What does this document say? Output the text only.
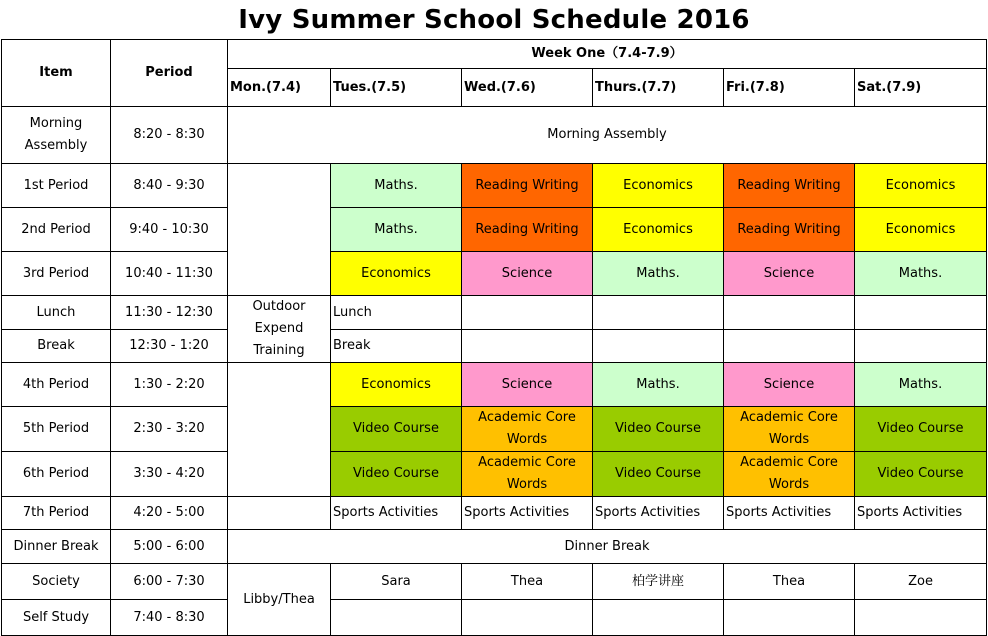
Ivy Summer School Schedule 2016
Item	Period	Week One（7.4-7.9）					
		Mon.(7.4)	Tues.(7.5)	Wed.(7.6)	Thurs.(7.7)	Fri.(7.8)	Sat.(7.9)
Morning Assembly	8:20 - 8:30	Morning Assembly					
1st Period	8:40 - 9:30		Maths.	Reading Writing	Economics	Reading Writing	Economics
2nd Period	9:40 - 10:30		Maths.	Reading Writing	Economics	Reading Writing	Economics
3rd Period	10:40 - 11:30		Economics	Science	Maths.	Science	Maths.
Lunch	11:30 - 12:30	Outdoor Expend Training	Lunch				
Break	12:30 - 1:20		Break				
4th Period	1:30 - 2:20		Economics	Science	Maths.	Science	Maths.
5th Period	2:30 - 3:20		Video Course	Academic Core Words	Video Course	Academic Core Words	Video Course
6th Period	3:30 - 4:20		Video Course	Academic Core Words	Video Course	Academic Core Words	Video Course
7th Period	4:20 - 5:00		Sports Activities	Sports Activities	Sports Activities	Sports Activities	Sports Activities
Dinner Break	5:00 - 6:00	Dinner Break					
Society	6:00 - 7:30	Libby/Thea	Sara	Thea	柏学讲座	Thea	Zoe
Self Study	7:40 - 8:30						
